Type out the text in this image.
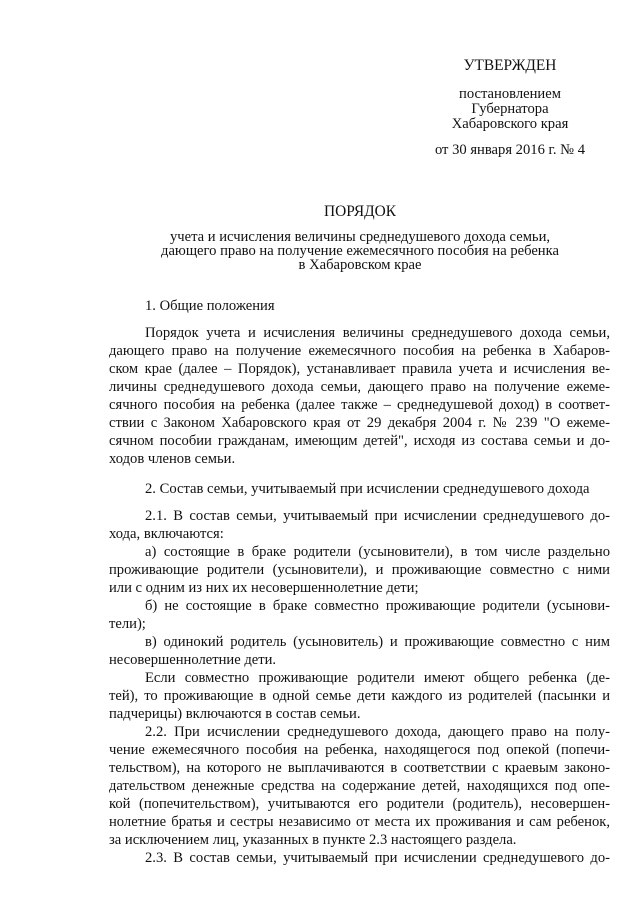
УТВЕРЖДЕН
постановлением
Губернатора
Хабаровского края
от 30 января 2016 г. № 4
ПОРЯДОК
учета и исчисления величины среднедушевого дохода семьи,
дающего право на получение ежемесячного пособия на ребенка
в Хабаровском крае

1. Общие положения

Порядок учета и исчисления величины среднедушевого дохода семьи,

дающего право на получение ежемесячного пособия на ребенка в Хабаров-

ском крае (далее – Порядок), устанавливает правила учета и исчисления ве-

личины среднедушевого дохода семьи, дающего право на получение ежеме-

сячного пособия на ребенка (далее также – среднедушевой доход) в соответ-

ствии с Законом Хабаровского края от 29 декабря 2004 г. № 239 "О ежеме-

сячном пособии гражданам, имеющим детей", исходя из состава семьи и до-

ходов членов семьи.

2. Состав семьи, учитываемый при исчислении среднедушевого дохода

2.1. В состав семьи, учитываемый при исчислении среднедушевого до-

хода, включаются:

а) состоящие в браке родители (усыновители), в том числе раздельно

проживающие родители (усыновители), и проживающие совместно с ними

или с одним из них их несовершеннолетние дети;

б) не состоящие в браке совместно проживающие родители (усынови-

тели);

в) одинокий родитель (усыновитель) и проживающие совместно с ним

несовершеннолетние дети.

Если совместно проживающие родители имеют общего ребенка (де-

тей), то проживающие в одной семье дети каждого из родителей (пасынки и

падчерицы) включаются в состав семьи.

2.2. При исчислении среднедушевого дохода, дающего право на полу-

чение ежемесячного пособия на ребенка, находящегося под опекой (попечи-

тельством), на которого не выплачиваются в соответствии с краевым законо-

дательством денежные средства на содержание детей, находящихся под опе-

кой (попечительством), учитываются его родители (родитель), несовершен-

нолетние братья и сестры независимо от места их проживания и сам ребенок,

за исключением лиц, указанных в пункте 2.3 настоящего раздела.

2.3. В состав семьи, учитываемый при исчислении среднедушевого до-
